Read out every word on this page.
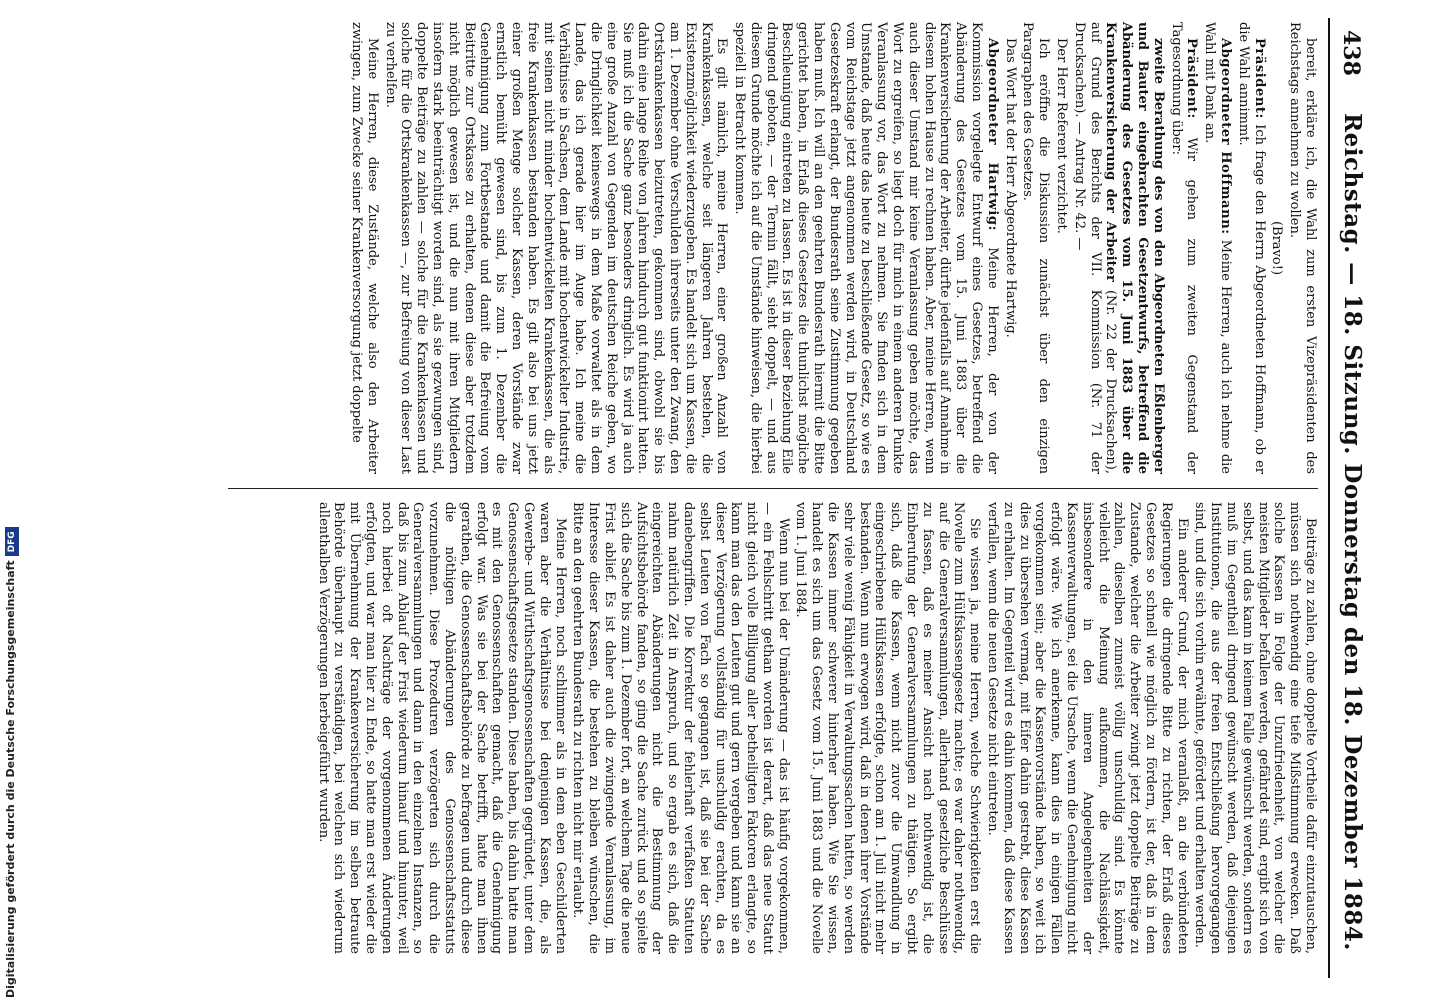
438
Reichstag. — 18. Sitzung. Donnerstag den 18. Dezember 1884.

bereit, erkläre ich, die Wahl zum ersten Vizepräsidenten des Reichstags annehmen zu wollen.

(Bravo!)

Präsident: Ich frage den Herrn Abgeordneten Hoffmann, ob er die Wahl annimmt.

Abgeordneter Hoffmann: Meine Herren, auch ich nehme die Wahl mit Dank an.

Präsident: Wir gehen zum zweiten Gegenstand der Tagesordnung über:

zweite Berathung des von den Abgeordneten Eßlenberger und Bauter eingebrachten Gesetzentwurfs, betreffend die Abänderung des Gesetzes vom 15. Juni 1883 über die Krankenversicherung der Arbeiter (Nr. 22 der Drucksachen), auf Grund des Berichts der VII. Kommission (Nr. 71 der Drucksachen). — Antrag Nr. 42. —

Der Herr Referent verzichtet.

Ich eröffne die Diskussion zunächst über den einzigen Paragraphen des Gesetzes.

Das Wort hat der Herr Abgeordnete Hartwig.

Abgeordneter Hartwig: Meine Herren, der von der Kommission vorgelegte Entwurf eines Gesetzes, betreffend die Abänderung des Gesetzes vom 15. Juni 1883 über die Krankenversicherung der Arbeiter, dürfte jedenfalls auf Annahme in diesem hohen Hause zu rechnen haben. Aber, meine Herren, wenn auch dieser Umstand mir keine Veranlassung geben möchte, das Wort zu ergreifen, so liegt doch für mich in einem anderen Punkte Veranlassung vor, das Wort zu nehmen. Sie finden sich in dem Umstande, daß heute das heute zu beschließende Gesetz, so wie es vom Reichstage jetzt angenommen werden wird, in Deutschland Gesetzeskraft erlangt, der Bundesrath seine Zustimmung gegeben haben muß. Ich will an den geehrten Bundesrath hiermit die Bitte gerichtet haben, in Erlaß dieses Gesetzes die thunlichst mögliche Beschleunigung eintreten zu lassen. Es ist in dieser Beziehung Eile dringend geboten, — der Termin fällt, sieht doppelt, — und aus diesem Grunde möchte ich auf die Umstände hinweisen, die hierbei speziell in Betracht kommen.

Es gilt nämlich, meine Herren, einer großen Anzahl von Krankenkassen, welche seit längeren Jahren bestehen, die Existenzmöglichkeit wiederzugeben. Es handelt sich um Kassen, die am 1. Dezember ohne Verschulden ihrerseits unter den Zwang, den Ortskrankenkassen beizutreten, gekommen sind, obwohl sie bis dahin eine lange Reihe von Jahren hindurch gut funktionirt hatten. Sie muß ich die Sache ganz besonders dringlich. Es wird ja auch eine große Anzahl von Gegenden im deutschen Reiche geben, wo die Dringlichkeit keineswegs in dem Maße vorwaltet als in dem Lande, das ich gerade hier im Auge habe. Ich meine die Verhältnisse in Sachsen, dem Lande mit hochentwickelter Industrie, mit seinen nicht minder hochentwickelten Krankenkassen, die als freie Krankenkassen bestanden haben. Es gilt also bei uns jetzt einer großen Menge solcher Kassen, deren Vorstände zwar ernstlich bemüht gewesen sind, bis zum 1. Dezember die Genehmigung zum Fortbestande und damit die Befreiung vom Beitritte zur Ortskasse zu erhalten, denen diese aber trotzdem nicht möglich gewesen ist, und die nun mit ihren Mitgliedern insofern stark beeinträchtigt worden sind, als sie gezwungen sind, doppelte Beiträge zu zahlen — solche für die Krankenkassen und solche für die Ortskrankenkassen —, zur Befreiung von dieser Last zu verhelfen.

Meine Herren, diese Zustände, welche also den Arbeiter zwingen, zum Zwecke seiner Krankenversorgung jetzt doppelte

Beiträge zu zahlen, ohne doppelte Vortheile dafür einzutauschen, müssen sich nothwendig eine tiefe Mißstimmung erwecken. Daß solche Kassen in Folge der Unzufriedenheit, von welcher die meisten Mitglieder befallen werden, gefährdet sind, ergibt sich von selbst, und das kann in keinem Falle gewünscht werden, sondern es muß im Gegentheil dringend gewünscht werden, daß diejenigen Institutionen, die aus der freien Entschließung hervorgegangen sind, und die sich vorhin erwähnte, gefördert und erhalten werden.

Ein anderer Grund, der mich veranlaßt, an die verbündeten Regierungen die dringende Bitte zu richten, der Erlaß dieses Gesetzes so schnell wie möglich zu fördern, ist der, daß in dem Zustande, welcher die Arbeiter zwingt jetzt doppelte Beiträge zu zahlen, dieselben zumeist völlig unschuldig sind. Es könnte vielleicht die Meinung aufkommen, die Nachlässigkeit, insbesondere in den inneren Angelegenheiten der Kassenverwaltungen, sei die Ursache, wenn die Genehmigung nicht erfolgt wäre. Wie ich anerkenne, kann dies in einigen Fällen vorgekommen sein; aber die Kassenvorstände haben, so weit ich dies zu übersehen vermag, mit Eifer dahin gestrebt, diese Kassen zu erhalten. Im Gegenteil wird es dahin kommen, daß diese Kassen verfallen, wenn die neuen Gesetze nicht eintreten.

Sie wissen ja, meine Herren, welche Schwierigkeiten erst die Novelle zum Hülfskassengesetz machte; es war daher nothwendig, auf die Generalversammlungen, allerhand gesetzliche Beschlüsse zu fassen, daß es meiner Ansicht nach nothwendig ist, die Einberufung der Generalversammlungen zu thätigen. So ergibt sich, daß die Kassen, wenn nicht zuvor die Umwandlung in eingeschriebene Hülfskassen erfolgte, schon am 1. Juli nicht mehr bestanden. Wenn nun erwogen wird, daß in denen ihrer Vorstände sehr viele wenig Fähigkeit in Verwaltungssachen hatten, so werden die Kassen immer schwerer hinterher haben. Wie Sie wissen, handelt es sich um das Gesetz vom 15. Juni 1883 und die Novelle vom 1. Juni 1884.

Wenn nun bei der Umänderung — das ist häufig vorgekommen, — ein Fehlschritt gethan worden ist derart, daß das neue Statut nicht gleich volle Billigung aller betheiligten Faktoren erlangte, so kann man das den Leuten gut und gern vergeben und kann sie an dieser Verzögerung vollständig für unschuldig erachten, da es selbst Leuten von Fach so gegangen ist, daß sie bei der Sache danebengriffen. Die Korrektur der fehlerhaft verfaßten Statuten nahm natürlich Zeit in Anspruch, und so ergab es sich, daß die eingereichten Abänderungen nicht die Bestimmung der Aufsichtsbehörde fanden, so ging die Sache zurück und so spielte sich die Sache bis zum 1. Dezember fort, an welchem Tage die neue Frist ablief. Es ist daher auch die zwingende Veranlassung, im Interesse dieser Kassen, die bestehen zu bleiben wünschen, die Bitte an den geehrten Bundesrath zu richten nicht mir erlaubt.

Meine Herren, noch schlimmer als in dem eben Geschilderten waren aber die Verhältnisse bei denjenigen Kassen, die, als Gewerbe- und Wirthschaftsgenossenschaften gegründet, unter dem Genossenschaftsgesetze standen. Diese haben, bis dahin hatte man es mit den Genossenschaften gemacht, daß die Genehmigung erfolgt war. Was sie bei der Sache betrifft, hatte man ihnen gerathen, die Genossenschaftsbehörde zu befragen und durch diese die nöthigen Abänderungen des Genossenschaftsstatuts vorzunehmen. Diese Prozeduren verzögerten sich durch die Generalversammlungen und dann in den einzelnen Instanzen, so daß bis zum Ablauf der Frist wiederum hinauf und hinunter, weil noch hierbei oft Nachträge der vorgenommenen Änderungen erfolgten, und war man hier zu Ende, so hatte man erst wieder die mit Übernehmung der Krankenversicherung im selben betraute Behörde überhaupt zu verständigen, bei welchen sich wiederum allenthalben Verzögerungen herbeigeführt wurden.

Digitalisierung gefördert durch die Deutsche ForschungsgemeinschaftDFG
